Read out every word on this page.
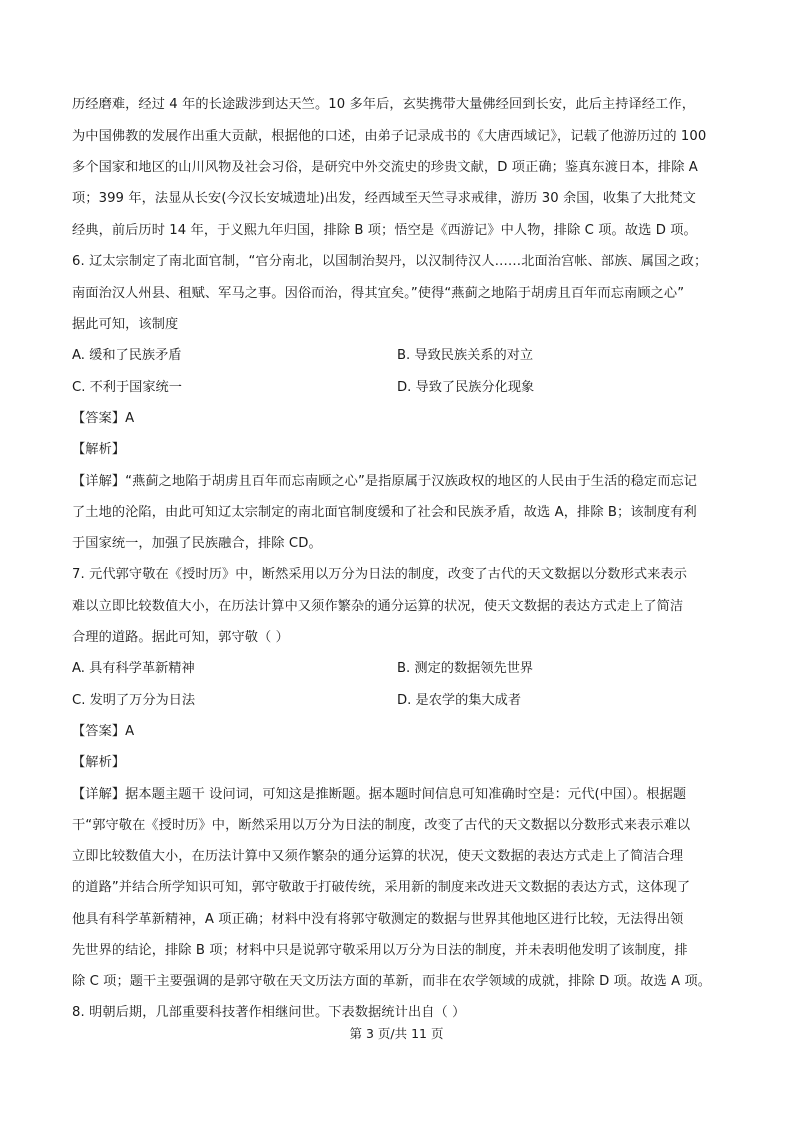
历经磨难，经过 4 年的长途跋涉到达天竺。10 多年后，玄奘携带大量佛经回到长安，此后主持译经工作，
为中国佛教的发展作出重大贡献，根据他的口述，由弟子记录成书的《大唐西域记》，记载了他游历过的 100
多个国家和地区的山川风物及社会习俗，是研究中外交流史的珍贵文献，D 项正确；鉴真东渡日本，排除 A
项；399 年，法显从长安(今汉长安城遗址)出发，经西域至天竺寻求戒律，游历 30 余国，收集了大批梵文
经典，前后历时 14 年，于义熙九年归国，排除 B 项；悟空是《西游记》中人物，排除 C 项。故选 D 项。
6. 辽太宗制定了南北面官制，“官分南北，以国制治契丹，以汉制待汉人……北面治宫帐、部族、属国之政；
南面治汉人州县、租赋、军马之事。因俗而治，得其宜矣。”使得“燕蓟之地陷于胡虏且百年而忘南顾之心”
据此可知，该制度
A. 缓和了民族矛盾	B. 导致民族关系的对立
C. 不利于国家统一	D. 导致了民族分化现象
【答案】A
【解析】
【详解】“燕蓟之地陷于胡虏且百年而忘南顾之心”是指原属于汉族政权的地区的人民由于生活的稳定而忘记
了土地的沦陷，由此可知辽太宗制定的南北面官制度缓和了社会和民族矛盾，故选 A，排除 B；该制度有利
于国家统一，加强了民族融合，排除 CD。
7. 元代郭守敬在《授时历》中，断然采用以万分为日法的制度，改变了古代的天文数据以分数形式来表示
难以立即比较数值大小，在历法计算中又须作繁杂的通分运算的状况，使天文数据的表达方式走上了简洁
合理的道路。据此可知，郭守敬（ ）
A. 具有科学革新精神	B. 测定的数据领先世界
C. 发明了万分为日法	D. 是农学的集大成者
【答案】A
【解析】
【详解】据本题主题干 设问词，可知这是推断题。据本题时间信息可知准确时空是：元代(中国）。根据题
干“郭守敬在《授时历》中，断然采用以万分为日法的制度，改变了古代的天文数据以分数形式来表示难以
立即比较数值大小，在历法计算中又须作繁杂的通分运算的状况，使天文数据的表达方式走上了简洁合理
的道路”并结合所学知识可知，郭守敬敢于打破传统，采用新的制度来改进天文数据的表达方式，这体现了
他具有科学革新精神，A 项正确；材料中没有将郭守敬测定的数据与世界其他地区进行比较，无法得出领
先世界的结论，排除 B 项；材料中只是说郭守敬采用以万分为日法的制度，并未表明他发明了该制度，排
除 C 项；题干主要强调的是郭守敬在天文历法方面的革新，而非在农学领域的成就，排除 D 项。故选 A 项。
8. 明朝后期，几部重要科技著作相继问世。下表数据统计出自（ ）
第 3 页/共 11 页
